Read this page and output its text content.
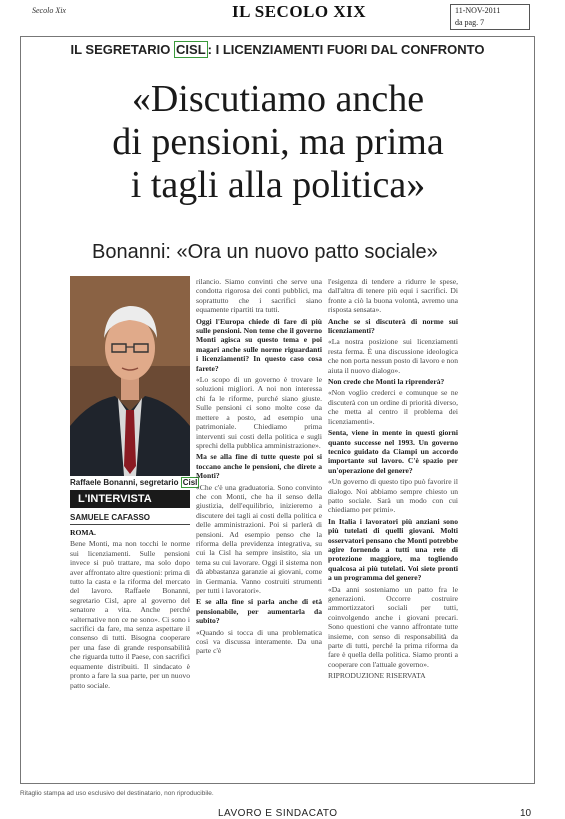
Secolo Xix	IL SECOLO XIX	11-NOV-2011
da pag. 7
IL SEGRETARIO CISL : I LICENZIAMENTI FUORI DAL CONFRONTO
«Discutiamo anche
di pensioni, ma prima
i tagli alla politica»
Bonanni: «Ora un nuovo patto sociale»
Raffaele Bonanni, segretario Cisl
L'INTERVISTA
SAMUELE CAFASSO

ROMA.

Bene Monti, ma non tocchi le norme sui licenziamenti. Sulle pensioni invece si può trattare, ma solo dopo aver affrontato altre questioni: prima di tutto la casta e la riforma del mercato del lavoro. Raffaele Bonanni, segretario Cisl, apre al governo del senatore a vita. Anche perché «alternative non ce ne sono». Ci sono i sacrifici da fare, ma senza aspettare il consenso di tutti. Bisogna cooperare per una fase di grande responsabilità che riguarda tutto il Paese, con sacrifici equamente distribuiti. Il sindacato è pronto a fare la sua parte, per un nuovo patto sociale.

rilancio. Siamo convinti che serve una condotta rigorosa dei conti pubblici, ma soprattutto che i sacrifici siano equamente ripartiti tra tutti.

Oggi l'Europa chiede di fare di più sulle pensioni. Non teme che il governo Monti agisca su questo tema e poi magari anche sulle norme riguardanti i licenziamenti? In questo caso cosa farete?

«Lo scopo di un governo è trovare le soluzioni migliori. A noi non interessa chi fa le riforme, purché siano giuste. Sulle pensioni ci sono molte cose da mettere a posto, ad esempio una patrimoniale. Chiediamo prima interventi sui costi della politica e sugli sprechi della pubblica amministrazione».

Ma se alla fine di tutte queste poi si toccano anche le pensioni, che direte a Monti?

«Che c'è una graduatoria. Sono convinto che con Monti, che ha il senso della giustizia, dell'equilibrio, inizieremo a discutere dei tagli ai costi della politica e delle amministrazioni. Poi si parlerà di pensioni. Ad esempio penso che la riforma della previdenza integrativa, su cui la Cisl ha sempre insistito, sia un tema su cui lavorare. Oggi il sistema non dà abbastanza garanzie ai giovani, come in Germania. Vanno costruiti strumenti per tutti i lavoratori».

E se alla fine si parla anche di età pensionabile, per aumentarla da subito?

«Quando si tocca di una problematica così va discussa interamente. Da una parte c'è

l'esigenza di tendere a ridurre le spese, dall'altra di tenere più equi i sacrifici. Di fronte a ciò la buona volontà, avremo una risposta sensata».

Anche se si discuterà di norme sui licenziamenti?

«La nostra posizione sui licenziamenti resta ferma. È una discussione ideologica che non porta nessun posto di lavoro e non aiuta il nuovo dialogo».

Non crede che Monti la riprenderà?

«Non voglio crederci e comunque se ne discuterà con un ordine di priorità diverso, che metta al centro il problema dei licenziamenti».

Senta, viene in mente in questi giorni quanto successe nel 1993. Un governo tecnico guidato da Ciampi un accordo importante sul lavoro. C'è spazio per un'operazione del genere?

«Un governo di questo tipo può favorire il dialogo. Noi abbiamo sempre chiesto un patto sociale. Sarà un modo con cui chiediamo per primi».

In Italia i lavoratori più anziani sono più tutelati di quelli giovani. Molti osservatori pensano che Monti potrebbe agire fornendo a tutti una rete di protezione maggiore, ma togliendo qualcosa ai più tutelati. Voi siete pronti a un programma del genere?

«Da anni sosteniamo un patto fra le generazioni. Occorre costruire ammortizzatori sociali per tutti, coinvolgendo anche i giovani precari. Sono questioni che vanno affrontate tutte insieme, con senso di responsabilità da parte di tutti, perché la prima riforma da fare è quella della politica. Siamo pronti a cooperare con l'attuale governo».

RIPRODUZIONE RISERVATA

Ritaglio stampa ad uso esclusivo del destinatario, non riproducibile.
LAVORO E SINDACATO	10
